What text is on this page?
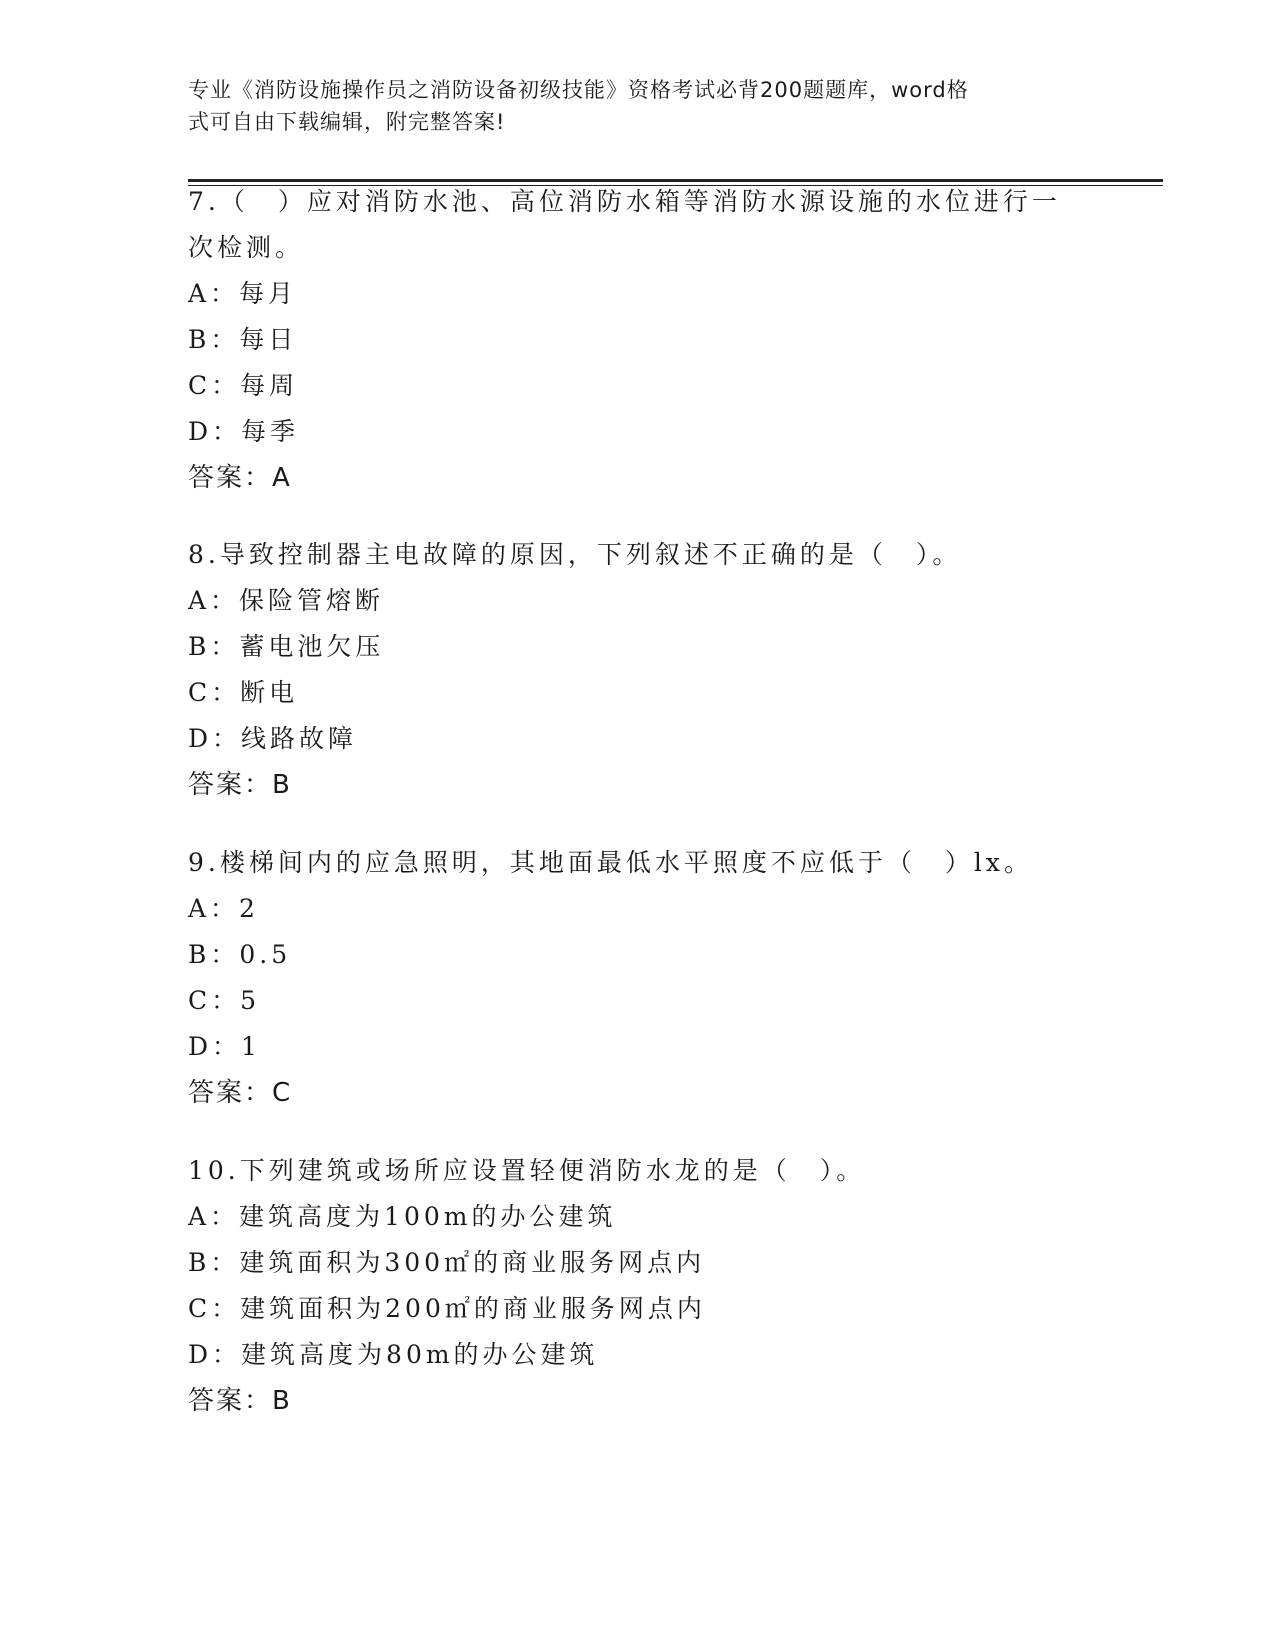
专业《消防设施操作员之消防设备初级技能》资格考试必背200题题库，word格
式可自由下载编辑，附完整答案!
7.（　）应对消防水池、高位消防水箱等消防水源设施的水位进行一
次检测。
A：每月
B：每日
C：每周
D：每季
答案：A
8.导致控制器主电故障的原因，下列叙述不正确的是（　）。
A：保险管熔断
B：蓄电池欠压
C：断电
D：线路故障
答案：B
9.楼梯间内的应急照明，其地面最低水平照度不应低于（　）lx。
A：2
B：0.5
C：5
D：1
答案：C
10.下列建筑或场所应设置轻便消防水龙的是（　）。
A：建筑高度为100m的办公建筑
B：建筑面积为300㎡的商业服务网点内
C：建筑面积为200㎡的商业服务网点内
D：建筑高度为80m的办公建筑
答案：B
